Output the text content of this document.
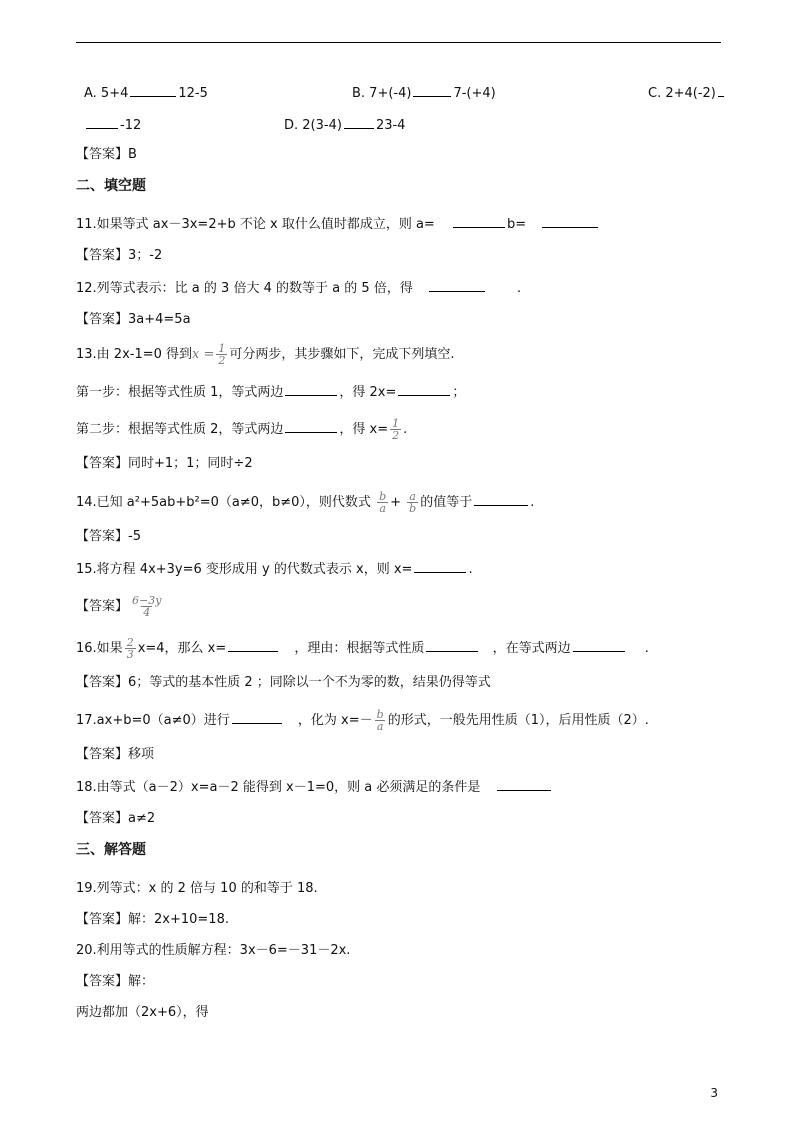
A. 5+4	12-5	B. 7+(-4)	7-(+4)	C. 2+4(-2)
-12	D. 2(3-4)	23-4
【答案】B
二、填空题
11.如果等式 ax－3x=2+b 不论 x 取什么值时都成立，则 a=	b=
【答案】3；-2
12.列等式表示：比 a 的 3 倍大 4 的数等于 a 的 5 倍，得	.
【答案】3a+4=5a
13.由 2x-1=0 得到$x = \frac{1}{2}$ 可分两步，其步骤如下，完成下列填空.
第一步：根据等式性质 1，等式两边	，得 2x=	；
第二步：根据等式性质 2，等式两边	，得 $x= \frac{1}{2}$ .
【答案】同时+1；1；同时÷2
14.已知 a²+5ab+b²=0（a≠0，b≠0），则代数式 $\frac{b}{a} + \frac{a}{b}$ 的值等于	.
【答案】-5
15.将方程 4x+3y=6 变形成用 y 的代数式表示 x，则 x=	.
【答案】 $\frac{6-3y}{4}$
16.如果 $\frac{2}{3} x=4$，那么 x=	，理由：根据等式性质	，在等式两边	.
【答案】6；等式的基本性质 2 ；同除以一个不为零的数，结果仍得等式
17.ax+b=0（a≠0）进行	，化为 $x=- \frac{b}{a}$ 的形式，一般先用性质（1），后用性质（2）.
【答案】移项
18.由等式（a－2）x=a－2 能得到 x－1=0，则 a 必须满足的条件是
【答案】a≠2
三、解答题
19.列等式：x 的 2 倍与 10 的和等于 18.
【答案】解：2x+10=18.
20.利用等式的性质解方程：3x－6=－31－2x.
【答案】解：
两边都加（2x+6），得
3
